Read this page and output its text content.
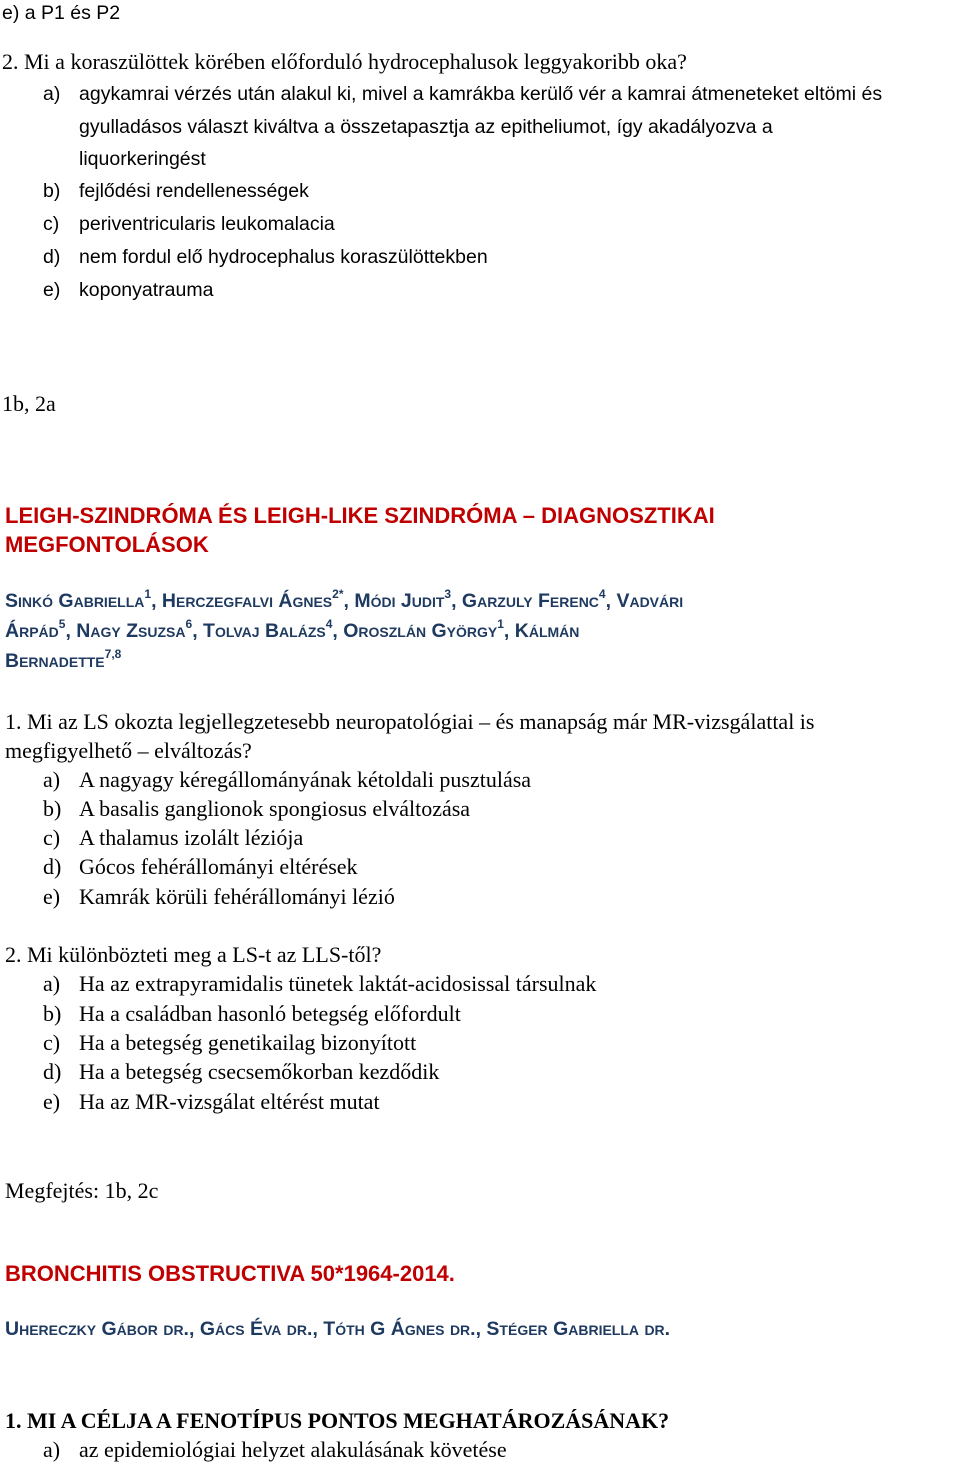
e) a P1 és P2
2. Mi a koraszülöttek körében előforduló hydrocephalusok leggyakoribb oka?
a) agykamrai vérzés után alakul ki, mivel a kamrákba kerülő vér a kamrai átmeneteket eltömi és
gyulladásos választ kiváltva a összetapasztja az epitheliumot, így akadályozva a
liquorkeringést
b) fejlődési rendellenességek
c) periventricularis leukomalacia
d) nem fordul elő hydrocephalus koraszülöttekben
e) koponyatrauma
1b, 2a
LEIGH-SZINDRÓMA ÉS LEIGH-LIKE SZINDRÓMA – DIAGNOSZTIKAI
MEGFONTOLÁSOK
Sinkó Gabriella$^1$, Herczegfalvi Ágnes$^{2*}$, Módi Judit$^3$, Garzuly Ferenc$^4$, Vadvári
Árpád$^5$, Nagy Zsuzsa$^6$, Tolvaj Balázs$^4$, Oroszlán György$^1$, Kálmán
Bernadette$^{7,8}$
1. Mi az LS okozta legjellegzetesebb neuropatológiai – és manapság már MR-vizsgálattal is
megfigyelhető – elváltozás?
a) A nagyagy kéregállományának kétoldali pusztulása
b) A basalis ganglionok spongiosus elváltozása
c) A thalamus izolált léziója
d) Gócos fehérállományi eltérések
e) Kamrák körüli fehérállományi lézió
2. Mi különbözteti meg a LS-t az LLS-től?
a) Ha az extrapyramidalis tünetek laktát-acidosissal társulnak
b) Ha a családban hasonló betegség előfordult
c) Ha a betegség genetikailag bizonyított
d) Ha a betegség csecsemőkorban kezdődik
e) Ha az MR-vizsgálat eltérést mutat
Megfejtés: 1b, 2c
BRONCHITIS OBSTRUCTIVA 50*1964-2014.
Uhereczky Gábor dr., Gács Éva dr., Tóth G Ágnes dr., Stéger Gabriella dr.
1. MI A CÉLJA A FENOTÍPUS PONTOS MEGHATÁROZÁSÁNAK?
a) az epidemiológiai helyzet alakulásának követése
